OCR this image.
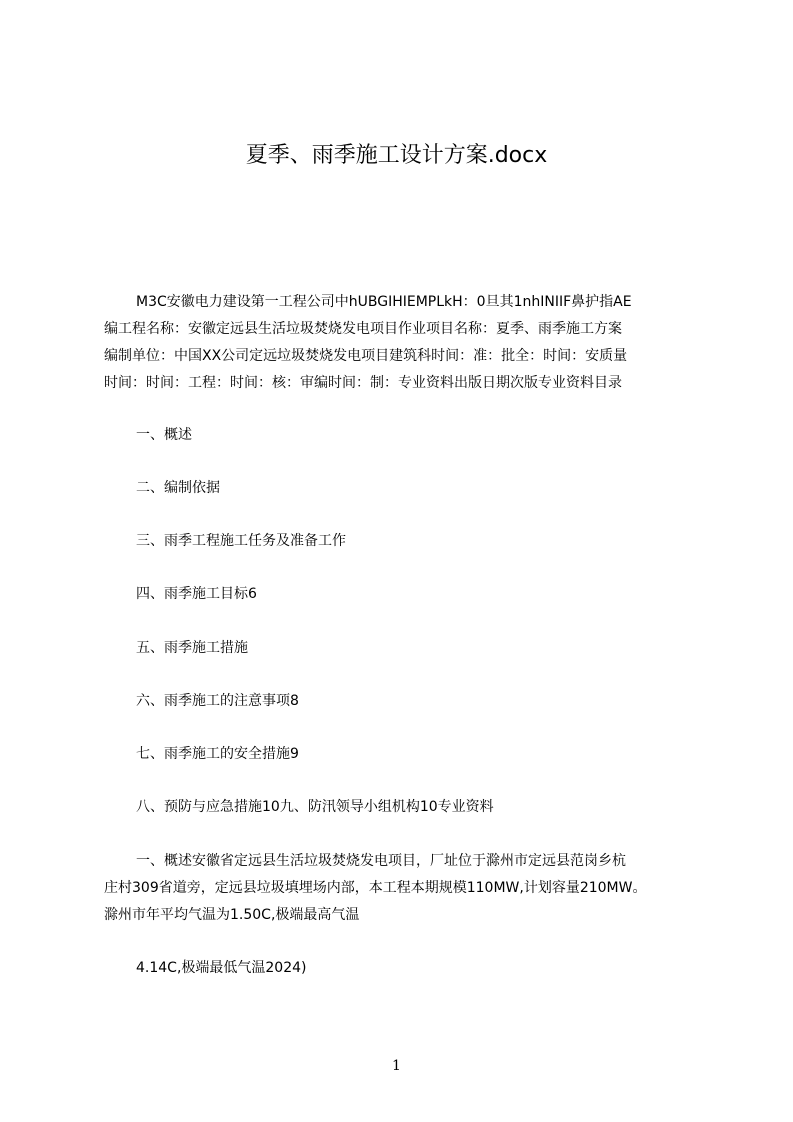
夏季、雨季施工设计方案.docx
M3C安徽电力建设第一工程公司中hUBGIHIEMPLkH：0旦其1nhINIIF鼻护指AE
编工程名称：安徽定远县生活垃圾焚烧发电项目作业项目名称：夏季、雨季施工方案
编制单位：中国XX公司定远垃圾焚烧发电项目建筑科时间：准：批全：时间：安质量
时间：时间：工程：时间：核：审编时间：制：专业资料出版日期次版专业资料目录
一、概述
二、编制依据
三、雨季工程施工任务及准备工作
四、雨季施工目标6
五、雨季施工措施
六、雨季施工的注意事项8
七、雨季施工的安全措施9
八、预防与应急措施10九、防汛领导小组机构10专业资料
一、概述安徽省定远县生活垃圾焚烧发电项目，厂址位于滁州市定远县范岗乡杭
庄村309省道旁，定远县垃圾填埋场内部，本工程本期规模110MW,计划容量210MW。
滁州市年平均气温为1.50C,极端最高气温
4.14C,极端最低气温2024)
1
